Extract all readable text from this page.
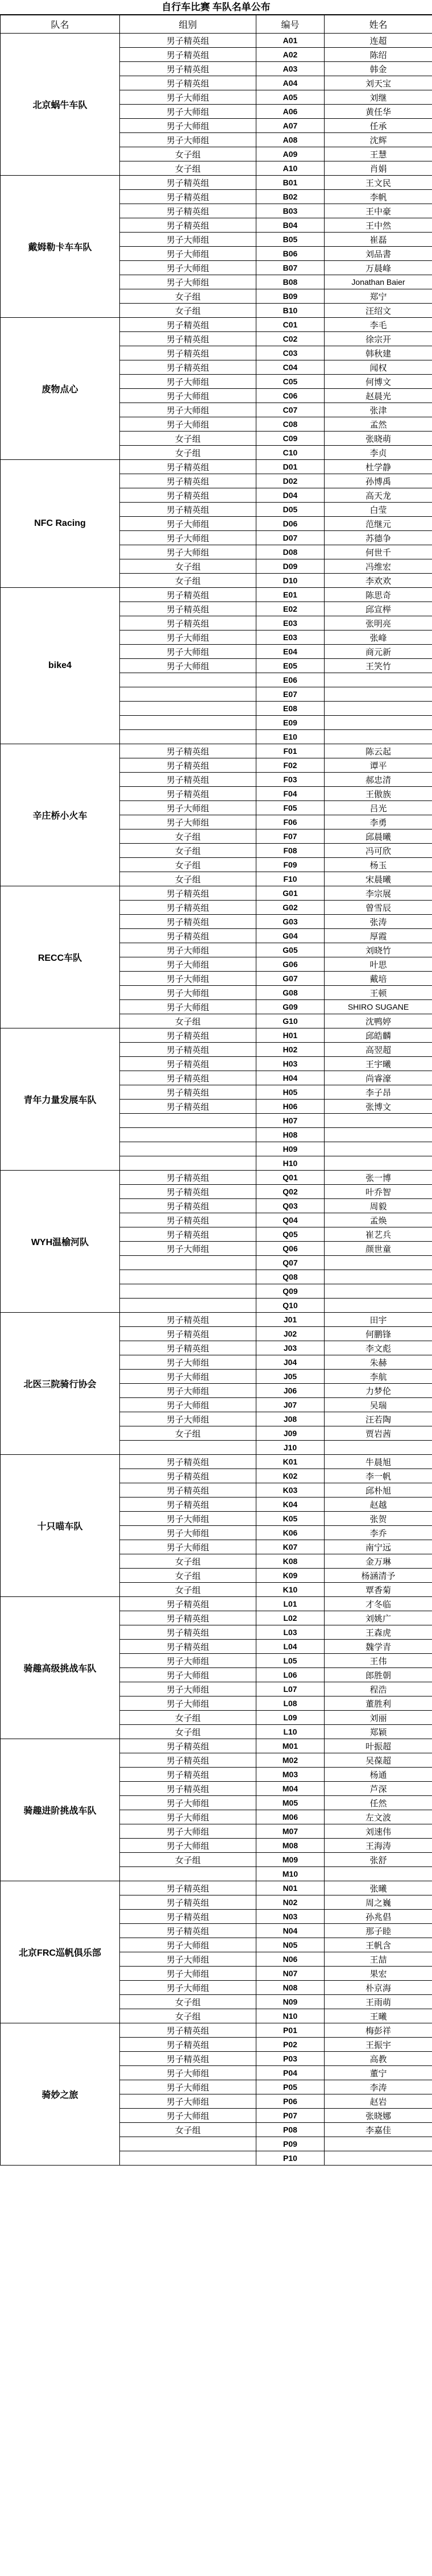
自行车比赛 车队名单公布
队名	组别	编号	姓名
北京蜗牛车队	男子精英组	A01	连超
	男子精英组	A02	陈绍
	男子精英组	A03	韩金
	男子精英组	A04	刘天宝
	男子大师组	A05	刘继
	男子大师组	A06	黄任华
	男子大师组	A07	任承
	男子大师组	A08	沈辉
	女子组	A09	王慧
	女子组	A10	肖娟
戴姆勒卡车车队	男子精英组	B01	王文民
	男子精英组	B02	李帆
	男子精英组	B03	王中豪
	男子精英组	B04	王中然
	男子大师组	B05	崔磊
	男子大师组	B06	刘品書
	男子大师组	B07	万晨峰
	男子大师组	B08	Jonathan Baier
	女子组	B09	郑宁
	女子组	B10	汪绍文
废物点心	男子精英组	C01	李毛
	男子精英组	C02	徐宗开
	男子精英组	C03	韩秋建
	男子精英组	C04	闻权
	男子大师组	C05	何博文
	男子大师组	C06	赵晨光
	男子大师组	C07	张津
	男子大师组	C08	孟然
	女子组	C09	张晓萌
	女子组	C10	李贞
NFC Racing	男子精英组	D01	杜学静
	男子精英组	D02	孙博禹
	男子精英组	D04	高天龙
	男子精英组	D05	白莹
	男子大师组	D06	范继元
	男子大师组	D07	苏德争
	男子大师组	D08	何世千
	女子组	D09	冯维宏
	女子组	D10	李欢欢
bike4	男子精英组	E01	陈思奇
	男子精英组	E02	邱宣榉
	男子精英组	E03	张明亮
	男子大师组	E03	张峰
	男子大师组	E04	商元新
	男子大师组	E05	王笑竹
		E06	
		E07	
		E08	
		E09	
		E10	
辛庄桥小火车	男子精英组	F01	陈云起
	男子精英组	F02	谭平
	男子精英组	F03	郝忠清
	男子精英组	F04	王傲族
	男子大师组	F05	吕光
	男子大师组	F06	李勇
	女子组	F07	邱晨曦
	女子组	F08	冯可欣
	女子组	F09	杨玉
	女子组	F10	宋晨曦
RECC车队	男子精英组	G01	李宗展
	男子精英组	G02	曾雪辰
	男子精英组	G03	张涛
	男子精英组	G04	厚霞
	男子大师组	G05	刘晓竹
	男子大师组	G06	叶思
	男子大师组	G07	戴培
	男子大师组	G08	王顿
	男子大师组	G09	SHIRO SUGANE
	女子组	G10	沈鸭婷
青年力量发展车队	男子精英组	H01	邱皓麟
	男子精英组	H02	高翌超
	男子精英组	H03	王宇曦
	男子精英组	H04	尚睿濠
	男子精英组	H05	李子昂
	男子精英组	H06	张博文
		H07	
		H08	
		H09	
		H10	
WYH温榆河队	男子精英组	Q01	张一博
	男子精英组	Q02	叶乔智
	男子精英组	Q03	周毅
	男子精英组	Q04	孟焕
	男子精英组	Q05	崔艺兵
	男子大师组	Q06	颜世童
		Q07	
		Q08	
		Q09	
		Q10	
北医三院骑行协会	男子精英组	J01	田宇
	男子精英组	J02	何鹏锋
	男子精英组	J03	李文彪
	男子大师组	J04	朱赫
	男子大师组	J05	李航
	男子大师组	J06	力梦伦
	男子大师组	J07	吴瑞
	男子大师组	J08	汪若陶
	女子组	J09	贾岩茜
		J10	
十只喵车队	男子精英组	K01	牛晨旭
	男子精英组	K02	李一帆
	男子精英组	K03	邱朴旭
	男子精英组	K04	赵越
	男子大师组	K05	张贺
	男子大师组	K06	李乔
	男子大师组	K07	南宁远
	女子组	K08	金万琳
	女子组	K09	杨涵清予
	女子组	K10	覃香菊
骑趣高级挑战车队	男子精英组	L01	才冬临
	男子精英组	L02	刘姚广
	男子精英组	L03	王森虎
	男子精英组	L04	魏学青
	男子大师组	L05	王伟
	男子大师组	L06	郎胜朝
	男子大师组	L07	程浩
	男子大师组	L08	董胜利
	女子组	L09	刘丽
	女子组	L10	郑颖
骑趣进阶挑战车队	男子精英组	M01	叶振超
	男子精英组	M02	吴葆超
	男子精英组	M03	杨通
	男子精英组	M04	芦深
	男子大师组	M05	任然
	男子大师组	M06	左文波
	男子大师组	M07	刘速伟
	男子大师组	M08	王海涛
	女子组	M09	张舒
		M10	
北京FRC巡帆俱乐部	男子精英组	N01	张曦
	男子精英组	N02	周之巍
	男子精英组	N03	孙兆倡
	男子精英组	N04	那子睦
	男子大师组	N05	王帆含
	男子大师组	N06	王喆
	男子大师组	N07	果宏
	男子大师组	N08	朴京海
	女子组	N09	王雨萌
	女子组	N10	王曦
骑妙之旅	男子精英组	P01	梅彭祥
	男子精英组	P02	王振宇
	男子精英组	P03	高教
	男子大师组	P04	董宁
	男子大师组	P05	李涛
	男子大师组	P06	赵岩
	男子大师组	P07	张晓娜
	女子组	P08	李嘉佳
		P09	
		P10	
